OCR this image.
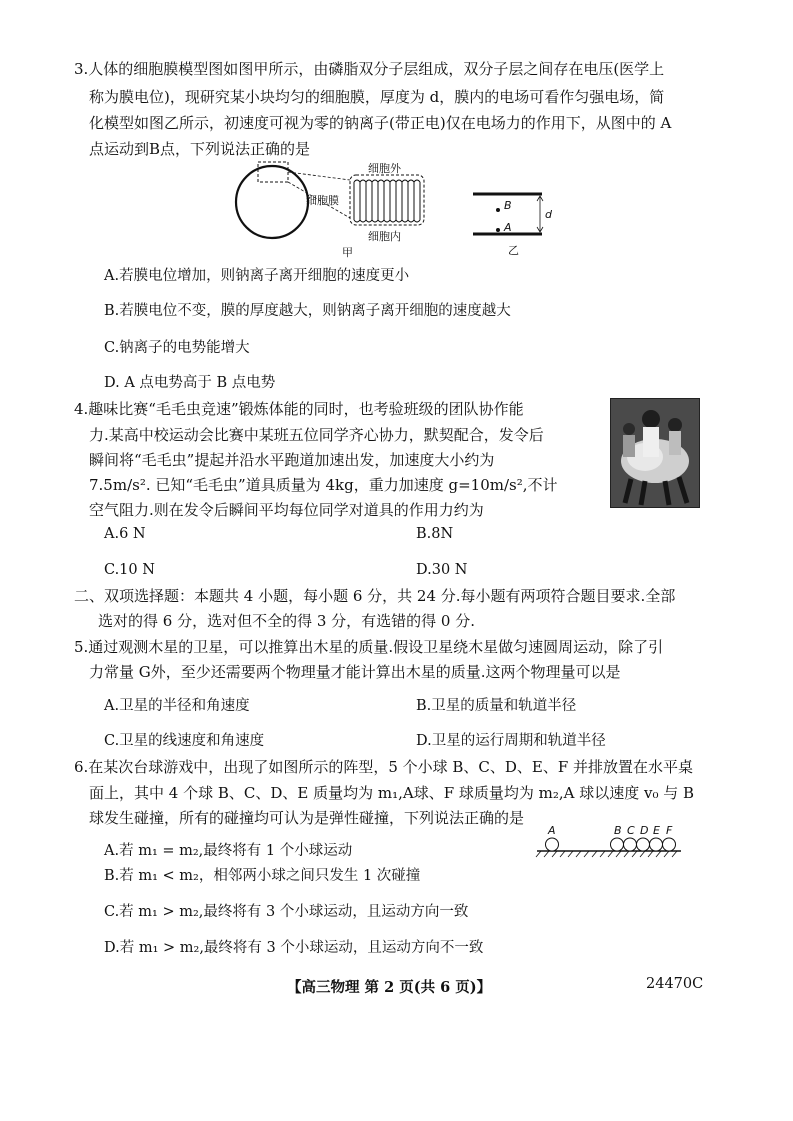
3.人体的细胞膜模型图如图甲所示，由磷脂双分子层组成，双分子层之间存在电压(医学上
称为膜电位)，现研究某小块均匀的细胞膜，厚度为 d，膜内的电场可看作匀强电场，简
化模型如图乙所示，初速度可视为零的钠离子(带正电)仅在电场力的作用下，从图中的 A
点运动到B点，下列说法正确的是
细胞膜
细胞外
细胞内
甲
B
A
d
乙
A.若膜电位增加，则钠离子离开细胞的速度更小
B.若膜电位不变，膜的厚度越大，则钠离子离开细胞的速度越大
C.钠离子的电势能增大
D. A 点电势高于 B 点电势
4.趣味比赛“毛毛虫竞速”锻炼体能的同时，也考验班级的团队协作能
力.某高中校运动会比赛中某班五位同学齐心协力，默契配合，发令后
瞬间将“毛毛虫”提起并沿水平跑道加速出发，加速度大小约为
7.5m/s². 已知“毛毛虫”道具质量为 4kg，重力加速度 g=10m/s²,不计
空气阻力.则在发令后瞬间平均每位同学对道具的作用力约为
A.6 N	B.8N
C.10 N	D.30 N
二、双项选择题：本题共 4 小题，每小题 6 分，共 24 分.每小题有两项符合题目要求.全部
选对的得 6 分，选对但不全的得 3 分，有选错的得 0 分.
5.通过观测木星的卫星，可以推算出木星的质量.假设卫星绕木星做匀速圆周运动，除了引
力常量 G外，至少还需要两个物理量才能计算出木星的质量.这两个物理量可以是
A.卫星的半径和角速度	B.卫星的质量和轨道半径
C.卫星的线速度和角速度	D.卫星的运行周期和轨道半径
6.在某次台球游戏中，出现了如图所示的阵型，5 个小球 B、C、D、E、F 并排放置在水平桌
面上，其中 4 个球 B、C、D、E 质量均为 m₁,A球、F 球质量均为 m₂,A 球以速度 v₀ 与 B
球发生碰撞，所有的碰撞均可认为是弹性碰撞，下列说法正确的是
A	B C D E F
A.若 m₁ = m₂,最终将有 1 个小球运动
B.若 m₁ < m₂，相邻两小球之间只发生 1 次碰撞
C.若 m₁ > m₂,最终将有 3 个小球运动，且运动方向一致
D.若 m₁ > m₂,最终将有 3 个小球运动，且运动方向不一致
【高三物理 第 2 页(共 6 页)】	24470C
